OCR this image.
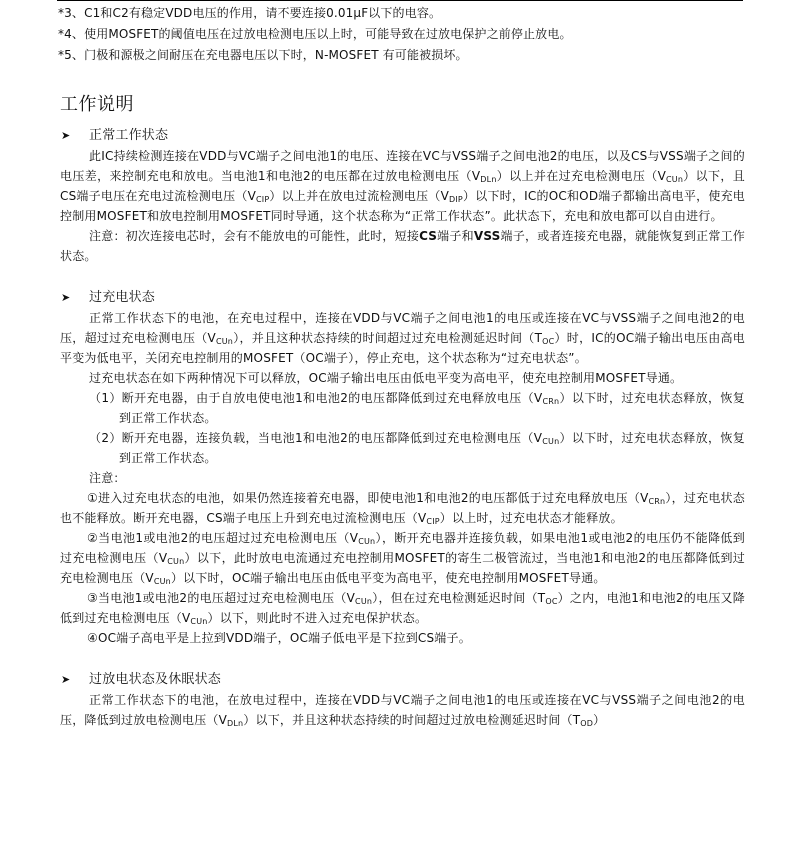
*3、C1和C2有稳定VDD电压的作用，请不要连接0.01μF以下的电容。
*4、使用MOSFET的阈值电压在过放电检测电压以上时，可能导致在过放电保护之前停止放电。
*5、门极和源极之间耐压在充电器电压以下时，N-MOSFET 有可能被损坏。
工作说明
➤	正常工作状态

此IC持续检测连接在VDD与VC端子之间电池1的电压、连接在VC与VSS端子之间电池2的电压，以及CS与VSS端子之间的电压差，来控制充电和放电。当电池1和电池2的电压都在过放电检测电压$(V_{DLn})$以上并在过充电检测电压$(V_{CUn})$以下，且CS端子电压在充电过流检测电压$(V_{CIP})$以上并在放电过流检测电压$(V_{DIP})$以下时，IC的OC和OD端子都输出高电平，使充电控制用MOSFET和放电控制用MOSFET同时导通，这个状态称为“正常工作状态”。此状态下，充电和放电都可以自由进行。

注意：初次连接电芯时，会有不能放电的可能性，此时，短接CS端子和VSS端子，或者连接充电器，就能恢复到正常工作状态。

➤	过充电状态

正常工作状态下的电池，在充电过程中，连接在VDD与VC端子之间电池1的电压或连接在VC与VSS端子之间电池2的电压，超过过充电检测电压$(V_{CUn})$，并且这种状态持续的时间超过过充电检测延迟时间$(T_{OC})$时，IC的OC端子输出电压由高电平变为低电平，关闭充电控制用的MOSFET（OC端子），停止充电，这个状态称为“过充电状态”。

过充电状态在如下两种情况下可以释放，OC端子输出电压由低电平变为高电平，使充电控制用MOSFET导通。

（1）断开充电器，由于自放电使电池1和电池2的电压都降低到过充电释放电压$(V_{CRn})$以下时，过充电状态释放，恢复到正常工作状态。

（2）断开充电器，连接负载，当电池1和电池2的电压都降低到过充电检测电压$(V_{CUn})$以下时，过充电状态释放，恢复到正常工作状态。

注意：

①进入过充电状态的电池，如果仍然连接着充电器，即使电池1和电池2的电压都低于过充电释放电压$(V_{CRn})$，过充电状态也不能释放。断开充电器，CS端子电压上升到充电过流检测电压$(V_{CIP})$以上时，过充电状态才能释放。

②当电池1或电池2的电压超过过充电检测电压$(V_{CUn})$，断开充电器并连接负载，如果电池1或电池2的电压仍不能降低到过充电检测电压$(V_{CUn})$以下，此时放电电流通过充电控制用MOSFET的寄生二极管流过，当电池1和电池2的电压都降低到过充电检测电压$(V_{CUn})$以下时，OC端子输出电压由低电平变为高电平，使充电控制用MOSFET导通。

③当电池1或电池2的电压超过过充电检测电压$(V_{CUn})$，但在过充电检测延迟时间$(T_{OC})$之内，电池1和电池2的电压又降低到过充电检测电压$(V_{CUn})$以下，则此时不进入过充电保护状态。

④OC端子高电平是上拉到VDD端子，OC端子低电平是下拉到CS端子。

➤	过放电状态及休眠状态

正常工作状态下的电池，在放电过程中，连接在VDD与VC端子之间电池1的电压或连接在VC与VSS端子之间电池2的电压，降低到过放电检测电压$(V_{DLn})$以下，并且这种状态持续的时间超过过放电检测延迟时间$(T_{OD})$
